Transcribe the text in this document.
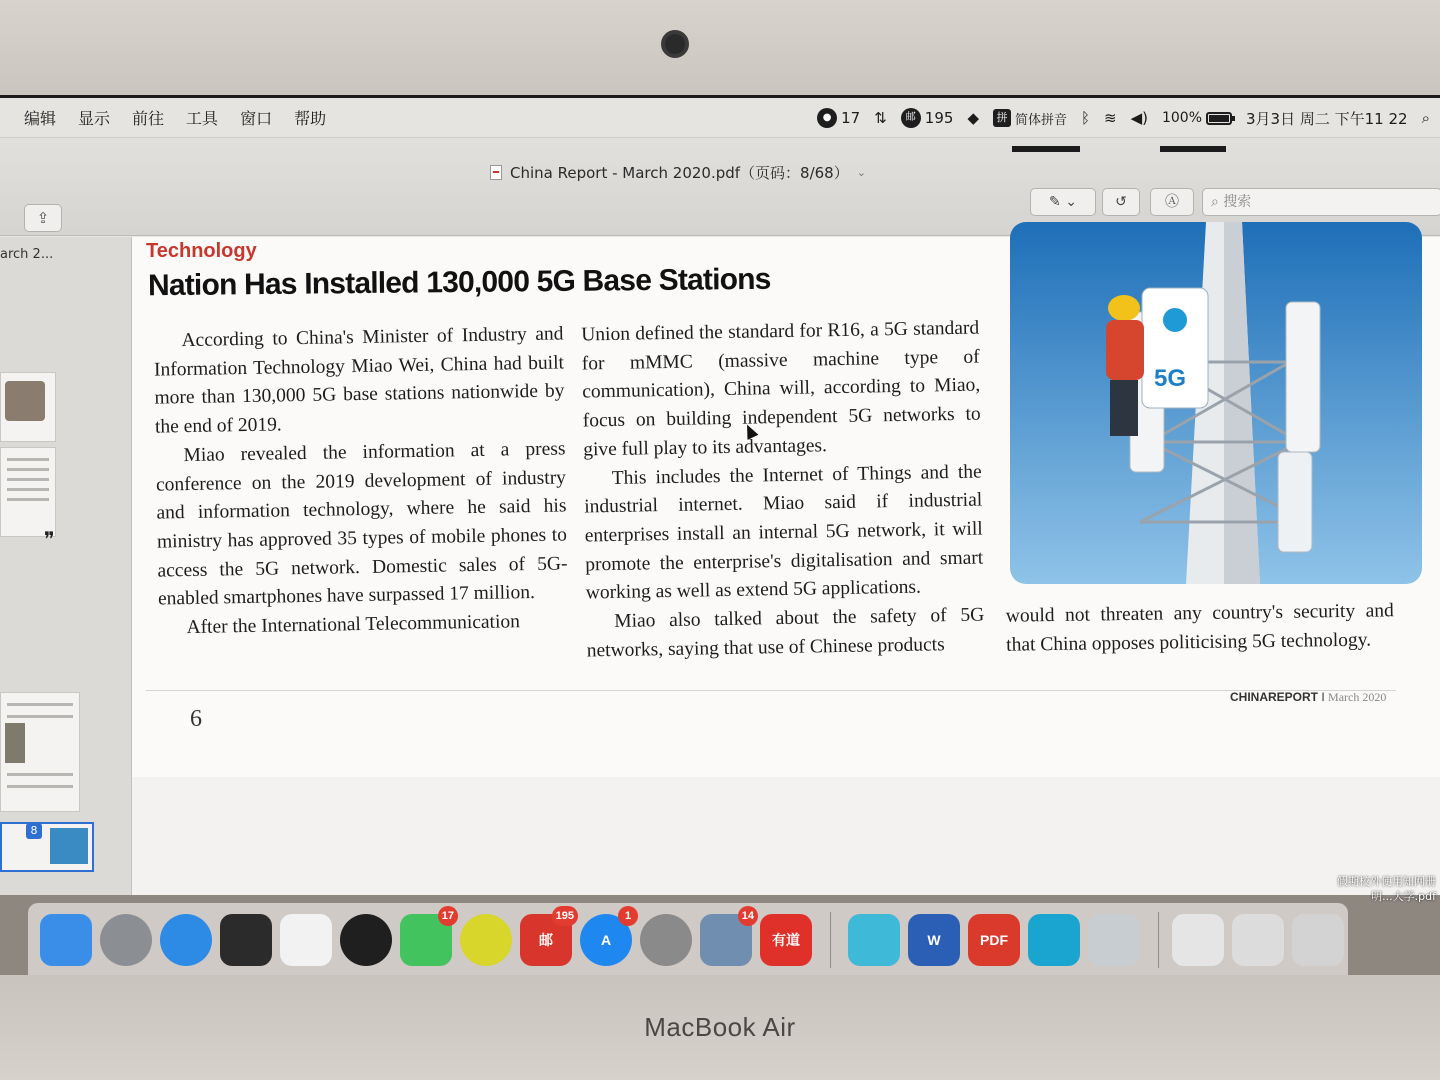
编辑 显示 前往 工具 窗口 帮助	● 17 ⇅	邮 195 ◆	拼 简体拼音 ᛒ ≋ ◀) 100%	3月3日 周二 下午11 22 ⌕
China Report - March 2020.pdf（页码：8/68） ⌄
⇪
✎ ⌄	↺	Ⓐ	⌕ 搜索
arch 2...
❞
8
Technology
Nation Has Installed 130,000 5G Base Stations

According to China's Minister of Industry and Information Technology Miao Wei, China had built more than 130,000 5G base stations nationwide by the end of 2019.

Miao revealed the information at a press conference on the 2019 development of industry and information technology, where he said his ministry has approved 35 types of mobile phones to access the 5G network. Domestic sales of 5G-enabled smartphones have surpassed 17 million.

After the International Telecommunication

Union defined the standard for R16, a 5G standard for mMMC (massive machine type of communication), China will, according to Miao, focus on building independent 5G networks to give full play to its advantages.

This includes the Internet of Things and the industrial internet. Miao said if industrial enterprises install an internal 5G network, it will promote the enterprise's digitalisation and smart working as well as extend 5G applications.

Miao also talked about the safety of 5G networks, saying that use of Chinese products

would not threaten any country's security and that China opposes politicising 5G technology.

5G
CHINAREPORT I March 2020
6
假期校外使用知网册 明...大学.pdf
17
邮
195
A
1	14
有道	W	PDF
MacBook Air
